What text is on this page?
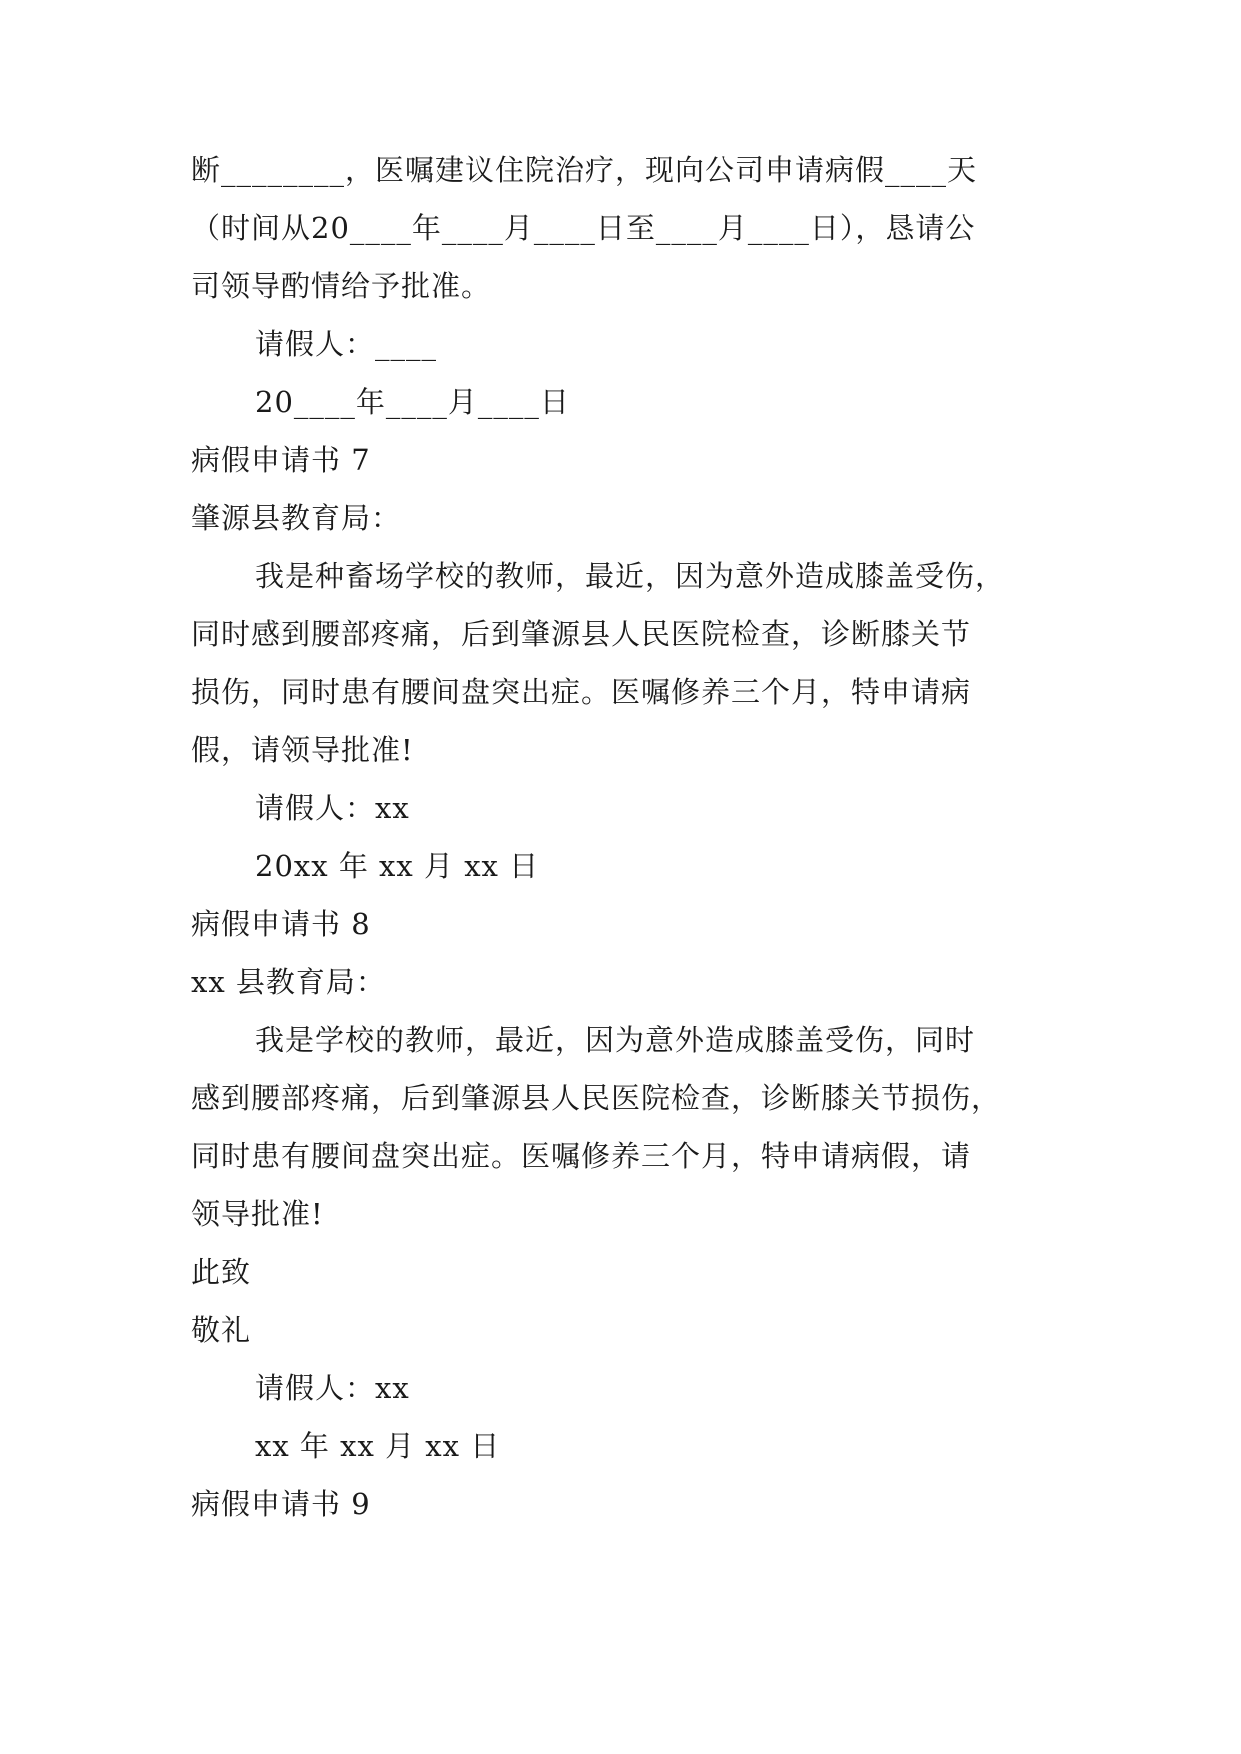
断________，医嘱建议住院治疗，现向公司申请病假____天
（时间从20____年____月____日至____月____日），恳请公
司领导酌情给予批准。
请假人：____
20____年____月____日
病假申请书 7
肇源县教育局：
我是种畜场学校的教师，最近，因为意外造成膝盖受伤，
同时感到腰部疼痛，后到肇源县人民医院检查，诊断膝关节
损伤，同时患有腰间盘突出症。医嘱修养三个月，特申请病
假，请领导批准!
请假人：xx
20xx 年 xx 月 xx 日
病假申请书 8
xx 县教育局：
我是学校的教师，最近，因为意外造成膝盖受伤，同时
感到腰部疼痛，后到肇源县人民医院检查，诊断膝关节损伤，
同时患有腰间盘突出症。医嘱修养三个月，特申请病假，请
领导批准!
此致
敬礼
请假人：xx
xx 年 xx 月 xx 日
病假申请书 9
